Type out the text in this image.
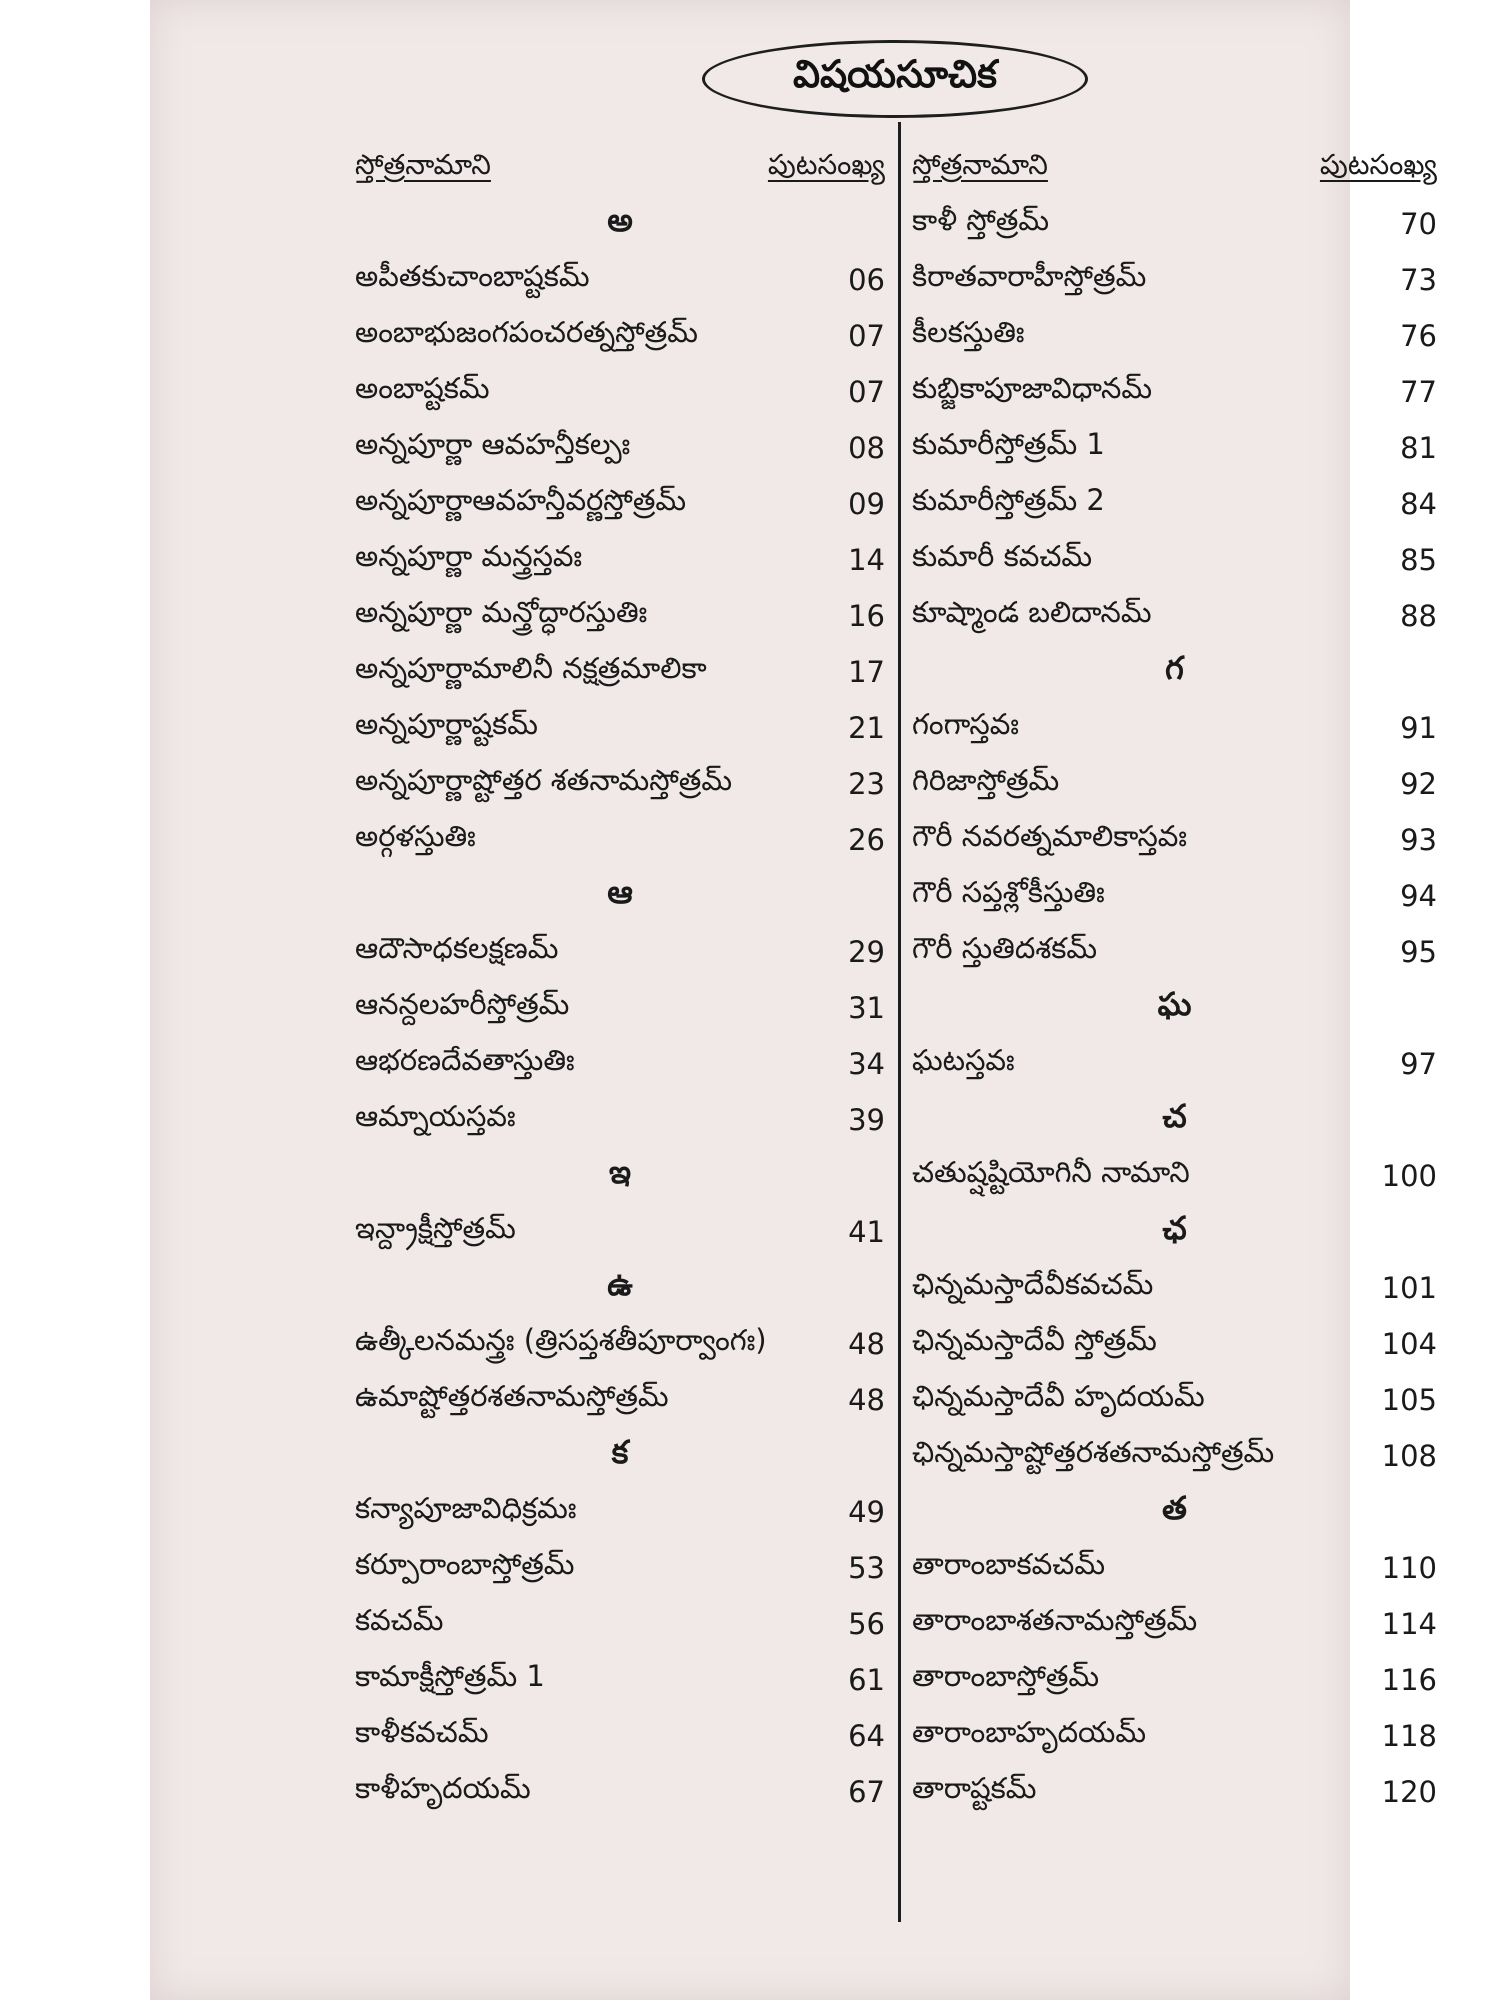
విషయసూచిక
స్తోత్రనామాని	పుటసంఖ్య
అ
అపీతకుచాంబాష్టకమ్	06
అంబాభుజంగపంచరత్నస్తోత్రమ్	07
అంబాష్టకమ్	07
అన్నపూర్ణా ఆవహన్తీకల్పః	08
అన్నపూర్ణాఆవహన్తీవర్ణస్తోత్రమ్	09
అన్నపూర్ణా మన్త్రస్తవః	14
అన్నపూర్ణా మన్త్రోద్ధారస్తుతిః	16
అన్నపూర్ణామాలినీ నక్షత్రమాలికా	17
అన్నపూర్ణాష్టకమ్	21
అన్నపూర్ణాష్టోత్తర శతనామస్తోత్రమ్	23
అర్గళస్తుతిః	26
ఆ
ఆదౌసాధకలక్షణమ్	29
ఆనన్దలహరీస్తోత్రమ్	31
ఆభరణదేవతాస్తుతిః	34
ఆమ్నాయస్తవః	39
ఇ
ఇన్ద్రాక్షీస్తోత్రమ్	41
ఉ
ఉత్కీలనమన్త్రః (త్రిసప్తశతీపూర్వాంగః)	48
ఉమాష్టోత్తరశతనామస్తోత్రమ్	48
క
కన్యాపూజావిధిక్రమః	49
కర్పూరాంబాస్తోత్రమ్	53
కవచమ్	56
కామాక్షీస్తోత్రమ్ 1	61
కాళీకవచమ్	64
కాళీహృదయమ్	67
స్తోత్రనామాని	పుటసంఖ్య
కాళీ స్తోత్రమ్	70
కిరాతవారాహీస్తోత్రమ్	73
కీలకస్తుతిః	76
కుబ్జికాపూజావిధానమ్	77
కుమారీస్తోత్రమ్ 1	81
కుమారీస్తోత్రమ్ 2	84
కుమారీ కవచమ్	85
కూష్మాండ బలిదానమ్	88
గ
గంగాస్తవః	91
గిరిజాస్తోత్రమ్	92
గౌరీ నవరత్నమాలికాస్తవః	93
గౌరీ సప్తశ్లోకీస్తుతిః	94
గౌరీ స్తుతిదశకమ్	95
ఘ
ఘటస్తవః	97
చ
చతుష్షష్టియోగినీ నామాని	100
ఛ
ఛిన్నమస్తాదేవీకవచమ్	101
ఛిన్నమస్తాదేవీ స్తోత్రమ్	104
ఛిన్నమస్తాదేవీ హృదయమ్	105
ఛిన్నమస్తాష్టోత్తరశతనామస్తోత్రమ్	108
త
తారాంబాకవచమ్	110
తారాంబాశతనామస్తోత్రమ్	114
తారాంబాస్తోత్రమ్	116
తారాంబాహృదయమ్	118
తారాష్టకమ్	120
